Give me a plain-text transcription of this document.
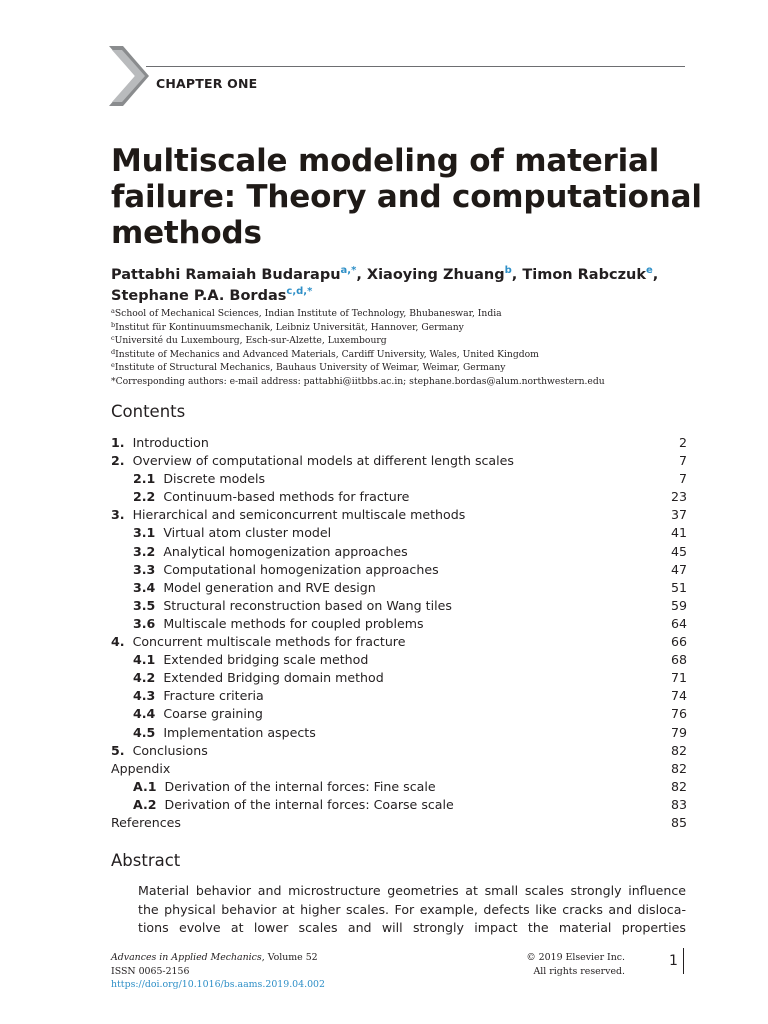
CHAPTER ONE
Multiscale modeling of material
failure: Theory and computational
methods
Pattabhi Ramaiah Budarapu$^{a,*}$, Xiaoying Zhuang$^b$, Timon Rabczuk$^e$,
Stephane P.A. Bordas$^{c,d,*}$
$^a$School of Mechanical Sciences, Indian Institute of Technology, Bhubaneswar, India
$^b$Institut für Kontinuumsmechanik, Leibniz Universität, Hannover, Germany
$^c$Université du Luxembourg, Esch-sur-Alzette, Luxembourg
$^d$Institute of Mechanics and Advanced Materials, Cardiff University, Wales, United Kingdom
$^e$Institute of Structural Mechanics, Bauhaus University of Weimar, Weimar, Germany
*Corresponding authors: e-mail address: pattabhi@iitbbs.ac.in; stephane.bordas@alum.northwestern.edu
Contents
1. Introduction	2
2. Overview of computational models at different length scales	7
2.1 Discrete models	7
2.2 Continuum-based methods for fracture	23
3. Hierarchical and semiconcurrent multiscale methods	37
3.1 Virtual atom cluster model	41
3.2 Analytical homogenization approaches	45
3.3 Computational homogenization approaches	47
3.4 Model generation and RVE design	51
3.5 Structural reconstruction based on Wang tiles	59
3.6 Multiscale methods for coupled problems	64
4. Concurrent multiscale methods for fracture	66
4.1 Extended bridging scale method	68
4.2 Extended Bridging domain method	71
4.3 Fracture criteria	74
4.4 Coarse graining	76
4.5 Implementation aspects	79
5. Conclusions	82
Appendix	82
A.1 Derivation of the internal forces: Fine scale	82
A.2 Derivation of the internal forces: Coarse scale	83
References	85
Abstract
Material behavior and microstructure geometries at small scales strongly influence
the physical behavior at higher scales. For example, defects like cracks and disloca-
tions evolve at lower scales and will strongly impact the material properties
Advances in Applied Mechanics, Volume 52
ISSN 0065-2156
https://doi.org/10.1016/bs.aams.2019.04.002
© 2019 Elsevier Inc.
All rights reserved.
1
